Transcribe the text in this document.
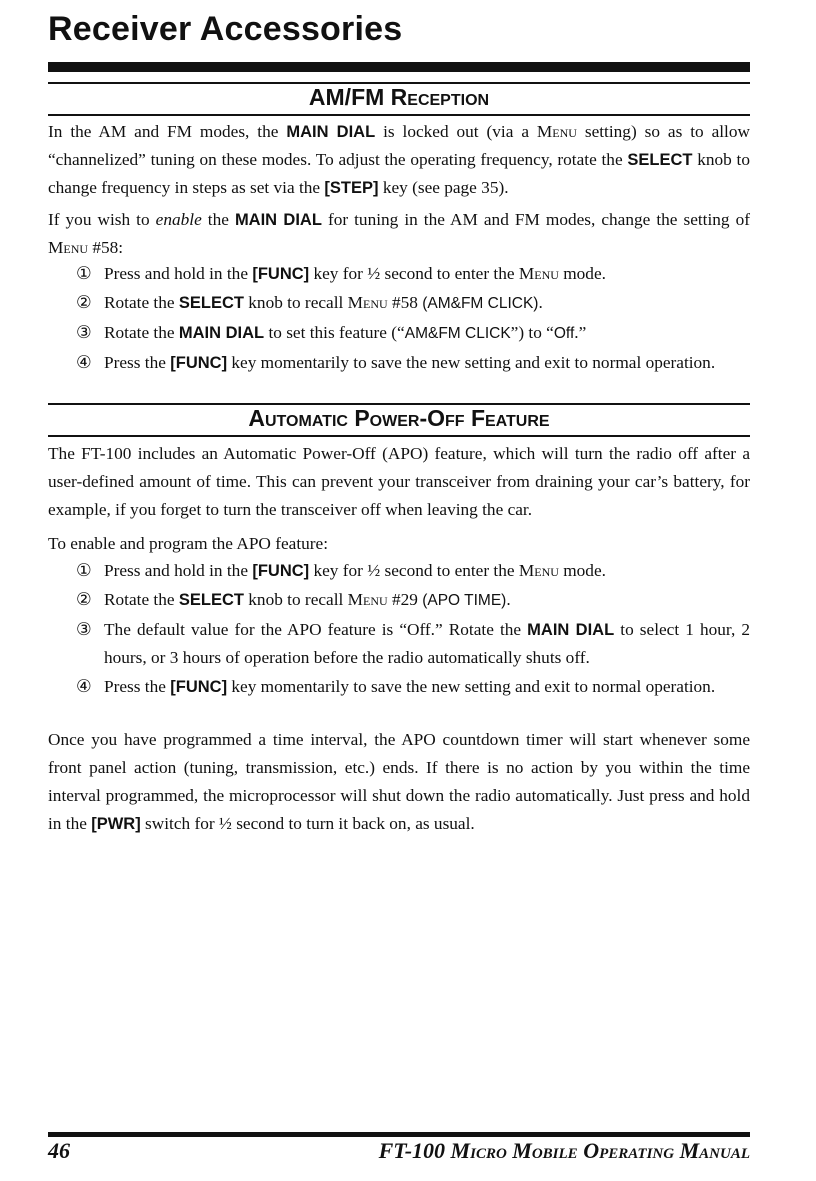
Receiver Accessories
AM/FM Reception

In the AM and FM modes, the MAIN DIAL is locked out (via a Menu setting) so as to allow “channelized” tuning on these modes. To adjust the operating frequency, rotate the SELECT knob to change frequency in steps as set via the [STEP] key (see page 35).

If you wish to enable the MAIN DIAL for tuning in the AM and FM modes, change the setting of Menu #58:

① Press and hold in the [FUNC] key for ½ second to enter the Menu mode.
② Rotate the SELECT knob to recall Menu #58 (AM&FM CLICK).
③ Rotate the MAIN DIAL to set this feature (“AM&FM CLICK”) to “Off.”
④ Press the [FUNC] key momentarily to save the new setting and exit to normal operation.
Automatic Power-Off Feature

The FT-100 includes an Automatic Power-Off (APO) feature, which will turn the radio off after a user-defined amount of time. This can prevent your transceiver from draining your car’s battery, for example, if you forget to turn the transceiver off when leaving the car.

To enable and program the APO feature:

① Press and hold in the [FUNC] key for ½ second to enter the Menu mode.
② Rotate the SELECT knob to recall Menu #29 (APO TIME).
③ The default value for the APO feature is “Off.” Rotate the MAIN DIAL to select 1 hour, 2 hours, or 3 hours of operation before the radio automatically shuts off.
④ Press the [FUNC] key momentarily to save the new setting and exit to normal operation.

Once you have programmed a time interval, the APO countdown timer will start whenever some front panel action (tuning, transmission, etc.) ends. If there is no action by you within the time interval programmed, the microprocessor will shut down the radio automatically. Just press and hold in the [PWR] switch for ½ second to turn it back on, as usual.

46	FT-100 Micro Mobile Operating Manual
